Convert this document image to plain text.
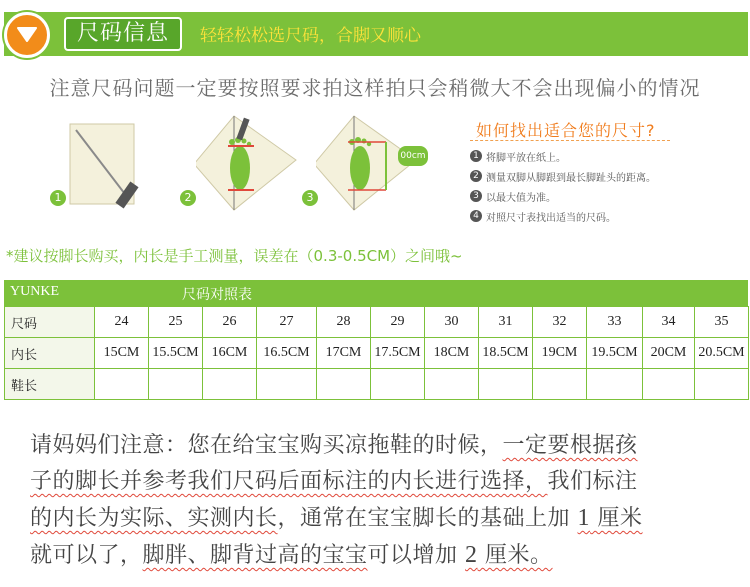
尺码信息	轻轻松松选尺码，合脚又顺心
注意尺码问题一定要按照要求拍这样拍只会稍微大不会出现偏小的情况
1	2
00cm
3
如何找出适合您的尺寸?
1 将脚平放在纸上。
2 测量双脚从脚跟到最长脚趾头的距离。
3 以最大值为准。
4 对照尺寸表找出适当的尺码。
*建议按脚长购买，内长是手工测量，误差在（0.3-0.5CM）之间哦~
YUNKE	尺码对照表
尺码	24	25	26	27	28	29	30	31	32	33	34	35
内长	15CM	15.5CM	16CM	16.5CM	17CM	17.5CM	18CM	18.5CM	19CM	19.5CM	20CM	20.5CM
鞋长												
请妈妈们注意：您在给宝宝购买凉拖鞋的时候，一定要根据孩
子的脚长并参考我们尺码后面标注的内长进行选择，我们标注
的内长为实际、实测内长，通常在宝宝脚长的基础上加 1 厘米
就可以了，脚胖、脚背过高的宝宝可以增加 2 厘米。
